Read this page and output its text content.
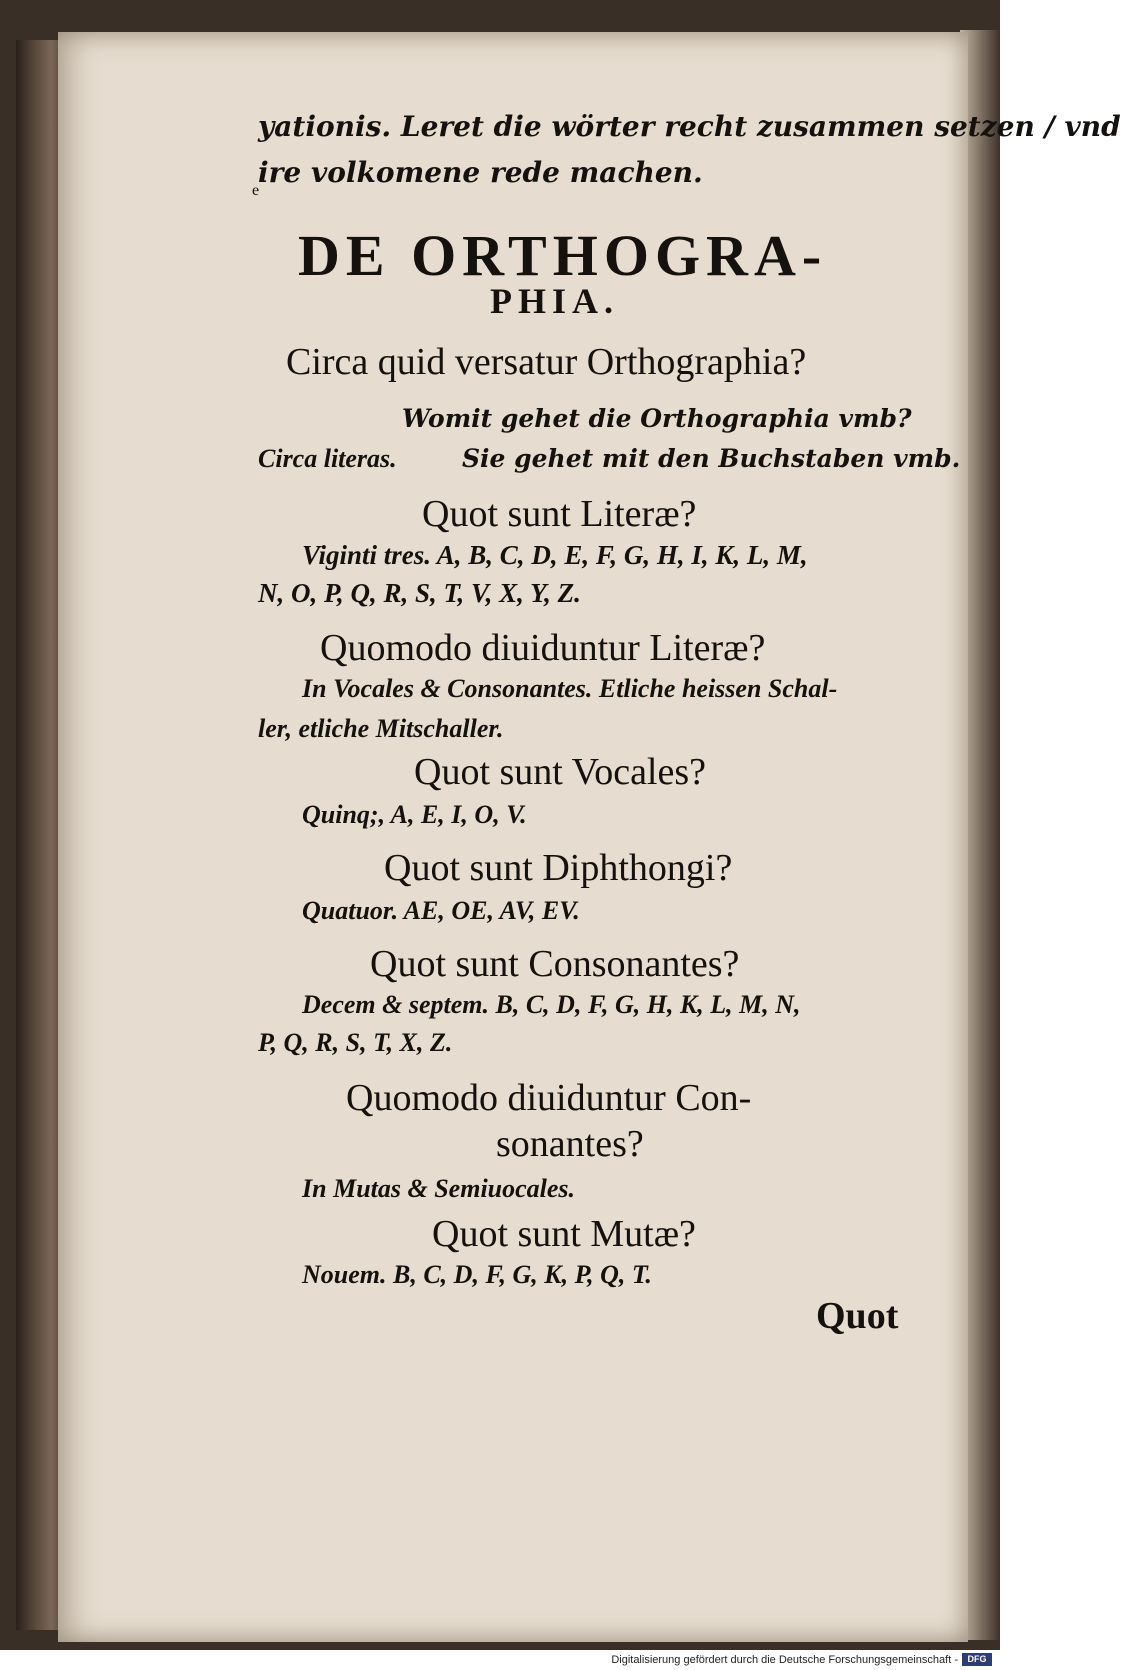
yationis. Leret die wörter recht zusammen setzen / vnd
ire volkomene rede machen.
e
DE ORTHOGRA-
PHIA.
Circa quid versatur Orthographia?
Womit gehet die Orthographia vmb?
Circa literas.	Sie gehet mit den Buchstaben vmb.
Quot sunt Literæ?
Viginti tres. A, B, C, D, E, F, G, H, I, K, L, M,
N, O, P, Q, R, S, T, V, X, Y, Z.
Quomodo diuiduntur Literæ?
In Vocales & Consonantes. Etliche heissen Schal-
ler, etliche Mitschaller.
Quot sunt Vocales?
Quinq;, A, E, I, O, V.
Quot sunt Diphthongi?
Quatuor. AE, OE, AV, EV.
Quot sunt Consonantes?
Decem & septem. B, C, D, F, G, H, K, L, M, N,
P, Q, R, S, T, X, Z.
Quomodo diuiduntur Con-
sonantes?
In Mutas & Semiuocales.
Quot sunt Mutæ?
Nouem. B, C, D, F, G, K, P, Q, T.
Quot
Digitalisierung gefördert durch die Deutsche Forschungsgemeinschaft -	DFG
